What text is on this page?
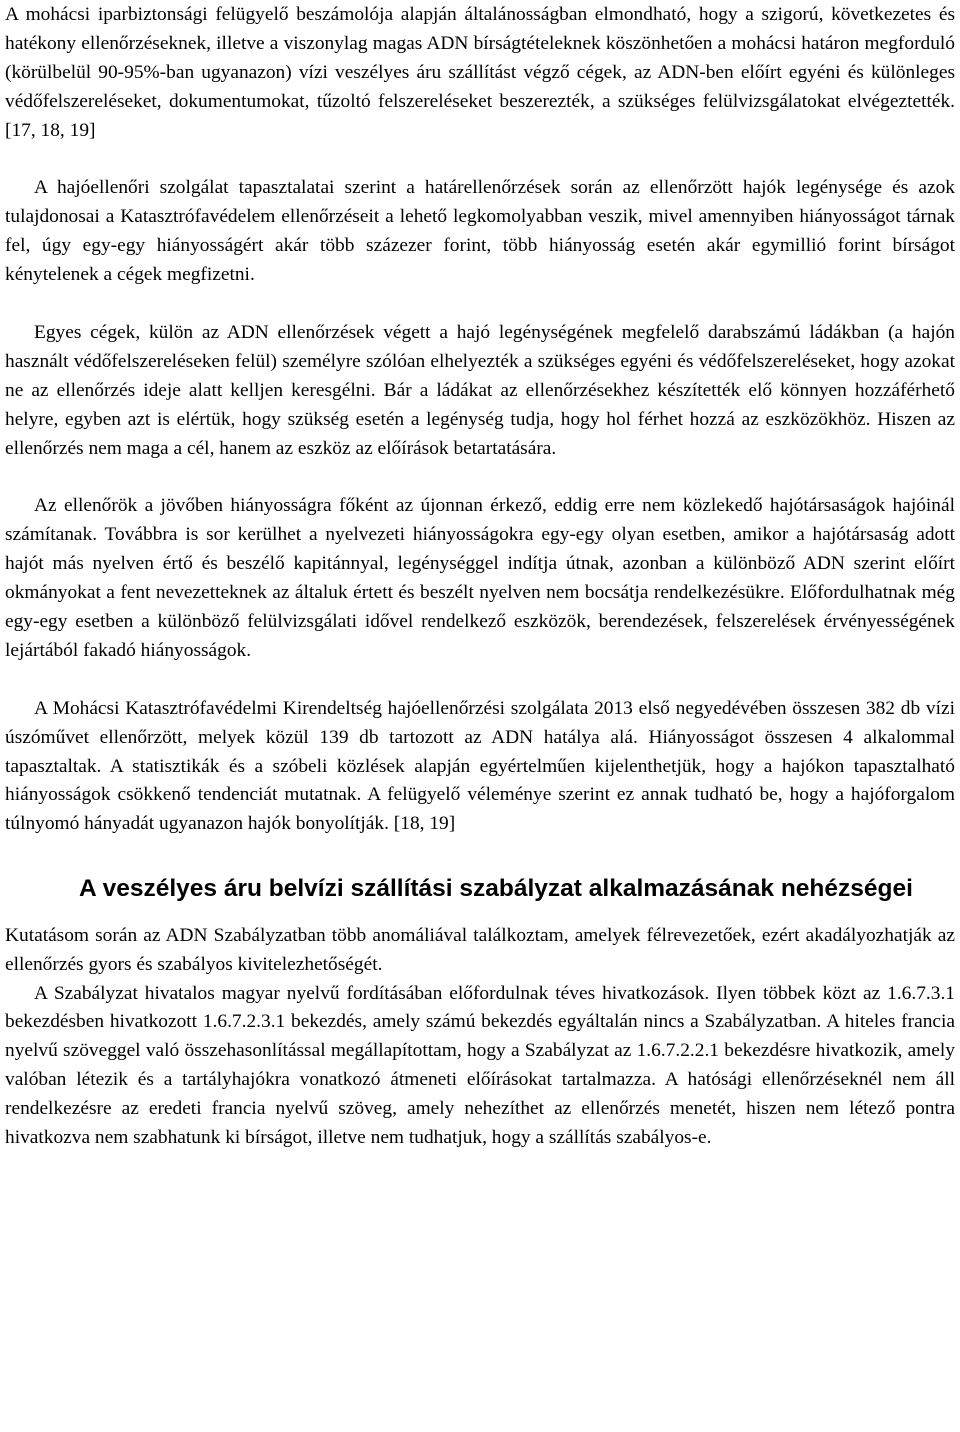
A mohácsi iparbiztonsági felügyelő beszámolója alapján általánosságban elmondható, hogy a szigorú, következetes és hatékony ellenőrzéseknek, illetve a viszonylag magas ADN bírságtételeknek köszönhetően a mohácsi határon megforduló (körülbelül 90-95%-ban ugyanazon) vízi veszélyes áru szállítást végző cégek, az ADN-ben előírt egyéni és különleges védőfelszereléseket, dokumentumokat, tűzoltó felszereléseket beszerezték, a szükséges felülvizsgálatokat elvégeztették. [17, 18, 19]

A hajóellenőri szolgálat tapasztalatai szerint a határellenőrzések során az ellenőrzött hajók legénysége és azok tulajdonosai a Katasztrófavédelem ellenőrzéseit a lehető legkomolyabban veszik, mivel amennyiben hiányosságot tárnak fel, úgy egy-egy hiányosságért akár több százezer forint, több hiányosság esetén akár egymillió forint bírságot kénytelenek a cégek megfizetni.

Egyes cégek, külön az ADN ellenőrzések végett a hajó legénységének megfelelő darabszámú ládákban (a hajón használt védőfelszereléseken felül) személyre szólóan elhelyezték a szükséges egyéni és védőfelszereléseket, hogy azokat ne az ellenőrzés ideje alatt kelljen keresgélni. Bár a ládákat az ellenőrzésekhez készítették elő könnyen hozzáférhető helyre, egyben azt is elértük, hogy szükség esetén a legénység tudja, hogy hol férhet hozzá az eszközökhöz. Hiszen az ellenőrzés nem maga a cél, hanem az eszköz az előírások betartatására.

Az ellenőrök a jövőben hiányosságra főként az újonnan érkező, eddig erre nem közlekedő hajótársaságok hajóinál számítanak. Továbbra is sor kerülhet a nyelvezeti hiányosságokra egy-egy olyan esetben, amikor a hajótársaság adott hajót más nyelven értő és beszélő kapitánnyal, legénységgel indítja útnak, azonban a különböző ADN szerint előírt okmányokat a fent nevezetteknek az általuk értett és beszélt nyelven nem bocsátja rendelkezésükre. Előfordulhatnak még egy-egy esetben a különböző felülvizsgálati idővel rendelkező eszközök, berendezések, felszerelések érvényességének lejártából fakadó hiányosságok.

A Mohácsi Katasztrófavédelmi Kirendeltség hajóellenőrzési szolgálata 2013 első negyedévében összesen 382 db vízi úszóművet ellenőrzött, melyek közül 139 db tartozott az ADN hatálya alá. Hiányosságot összesen 4 alkalommal tapasztaltak. A statisztikák és a szóbeli közlések alapján egyértelműen kijelenthetjük, hogy a hajókon tapasztalható hiányosságok csökkenő tendenciát mutatnak. A felügyelő véleménye szerint ez annak tudható be, hogy a hajóforgalom túlnyomó hányadát ugyanazon hajók bonyolítják. [18, 19]

A veszélyes áru belvízi szállítási szabályzat alkalmazásának nehézségei

Kutatásom során az ADN Szabályzatban több anomáliával találkoztam, amelyek félrevezetőek, ezért akadályozhatják az ellenőrzés gyors és szabályos kivitelezhetőségét.

A Szabályzat hivatalos magyar nyelvű fordításában előfordulnak téves hivatkozások. Ilyen többek közt az 1.6.7.3.1 bekezdésben hivatkozott 1.6.7.2.3.1 bekezdés, amely számú bekezdés egyáltalán nincs a Szabályzatban. A hiteles francia nyelvű szöveggel való összehasonlítással megállapítottam, hogy a Szabályzat az 1.6.7.2.2.1 bekezdésre hivatkozik, amely valóban létezik és a tartályhajókra vonatkozó átmeneti előírásokat tartalmazza. A hatósági ellenőrzéseknél nem áll rendelkezésre az eredeti francia nyelvű szöveg, amely nehezíthet az ellenőrzés menetét, hiszen nem létező pontra hivatkozva nem szabhatunk ki bírságot, illetve nem tudhatjuk, hogy a szállítás szabályos-e.
